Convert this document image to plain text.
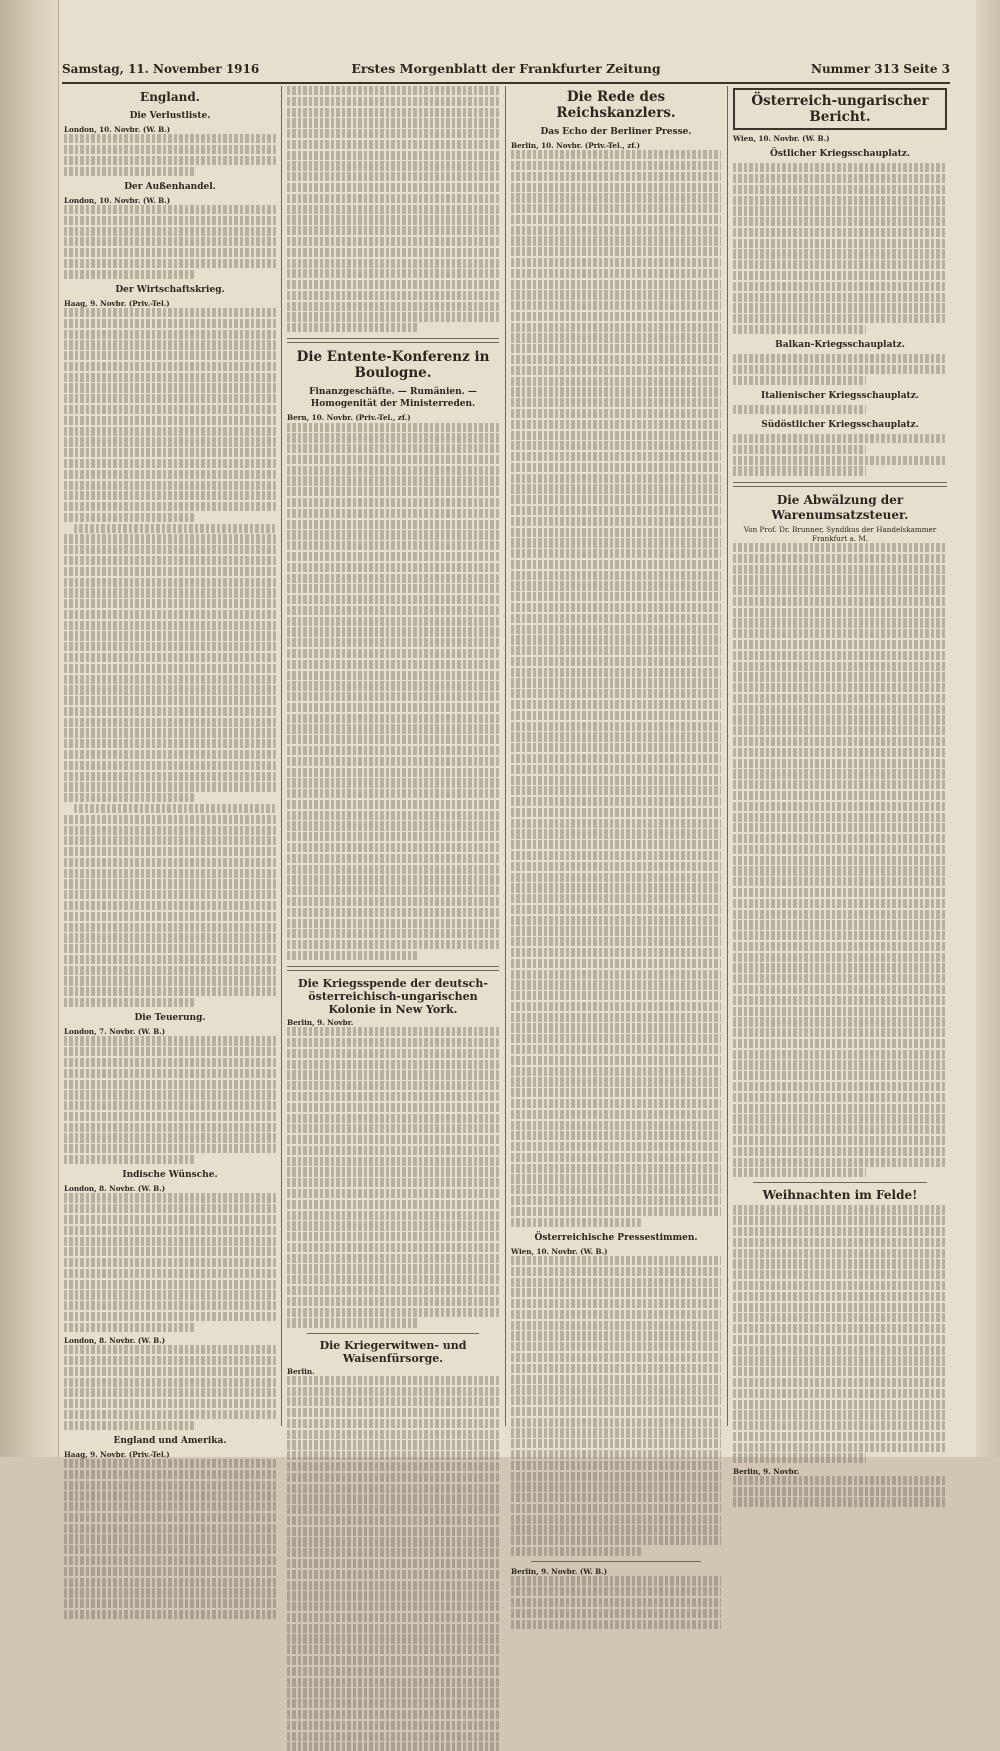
Samstag, 11. November 1916	Erstes Morgenblatt der Frankfurter Zeitung	Nummer 313 Seite 3
England.
Die Verlustliste.
London, 10. Novbr. (W. B.)
Der Außenhandel.
London, 10. Novbr. (W. B.)
Der Wirtschaftskrieg.
Haag, 9. Novbr. (Priv.-Tel.)
Die Teuerung.
London, 7. Novbr. (W. B.)
Indische Wünsche.
London, 8. Novbr. (W. B.)
London, 8. Novbr. (W. B.)
England und Amerika.
Haag, 9. Novbr. (Priv.-Tel.)
Die Entente-Konferenz in Boulogne.
Finanzgeschäfte. — Rumänien. — Homogenität der Ministerreden.
Bern, 10. Novbr. (Priv.-Tel., zf.)
Die Kriegsspende der deutsch-österreichisch-ungarischen Kolonie in New York.
Berlin, 9. Novbr.
Die Kriegerwitwen- und Waisenfürsorge.
Berlin.
Die Rede des Reichskanzlers.
Das Echo der Berliner Presse.
Berlin, 10. Novbr. (Priv.-Tel., zf.)
Österreichische Pressestimmen.
Wien, 10. Novbr. (W. B.)
Berlin, 9. Novbr. (W. B.)
Österreich-ungarischer Bericht.
Wien, 10. Novbr. (W. B.)
Östlicher Kriegsschauplatz.
Balkan-Kriegsschauplatz.
Italienischer Kriegsschauplatz.
Südöstlicher Kriegsschauplatz.
Die Abwälzung der Warenumsatzsteuer.
Von Prof. Dr. Brunner, Syndikus der Handelskammer Frankfurt a. M.
Weihnachten im Felde!
Berlin, 9. Novbr.
